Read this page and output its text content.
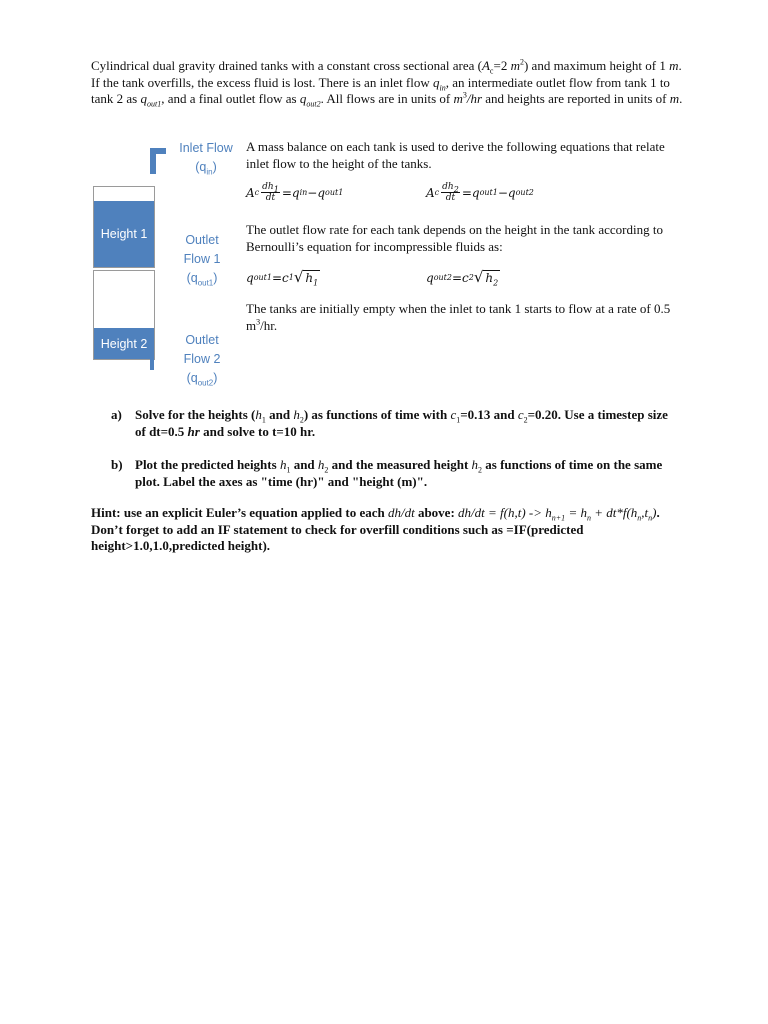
Cylindrical dual gravity drained tanks with a constant cross sectional area ($A_c=2$ $m^2$) and maximum height of 1 m. If the tank overfills, the excess fluid is lost. There is an inlet flow $q_{in}$, an intermediate outlet flow from tank 1 to tank 2 as $q_{out1}$, and a final outlet flow as $q_{out2}$. All flows are in units of $m^3/hr$ and heights are reported in units of m.
Inlet Flow
$(q_{in})$
Height 1
Height 2
Outlet
Flow 1
$(q_{out1})$
Outlet
Flow 2
$(q_{out2})$
A mass balance on each tank is used to derive the following equations that relate inlet flow to the height of the tanks.
A c $\frac{dh_1}{dt} = q$ in − q out1	A c $\frac{dh_2}{dt} = q$ out1 − q out2
The outlet flow rate for each tank depends on the height in the tank according to Bernoulli’s equation for incompressible fluids as:
q out1 = c 1 √ $h_1$	q out2 = c 2 √ $h_2$
The tanks are initially empty when the inlet to tank 1 starts to flow at a rate of 0.5 $m^3/hr$.
a) Solve for the heights ($h_1$ and $h_2$) as functions of time with $c_1=0.13$ and $c_2=0.20$. Use a timestep size of dt=0.5 hr and solve to t=10 hr.
b) Plot the predicted heights $h_1$ and $h_2$ and the measured height $h_2$ as functions of time on the same plot. Label the axes as "time (hr)" and "height (m)".
Hint: use an explicit Euler’s equation applied to each dh/dt above: $dh/dt = f(h,t) -> h_{n+1} = h_n + dt*f(h_n,t_n)$. Don’t forget to add an IF statement to check for overfill conditions such as =IF(predicted height>1.0,1.0,predicted height).
